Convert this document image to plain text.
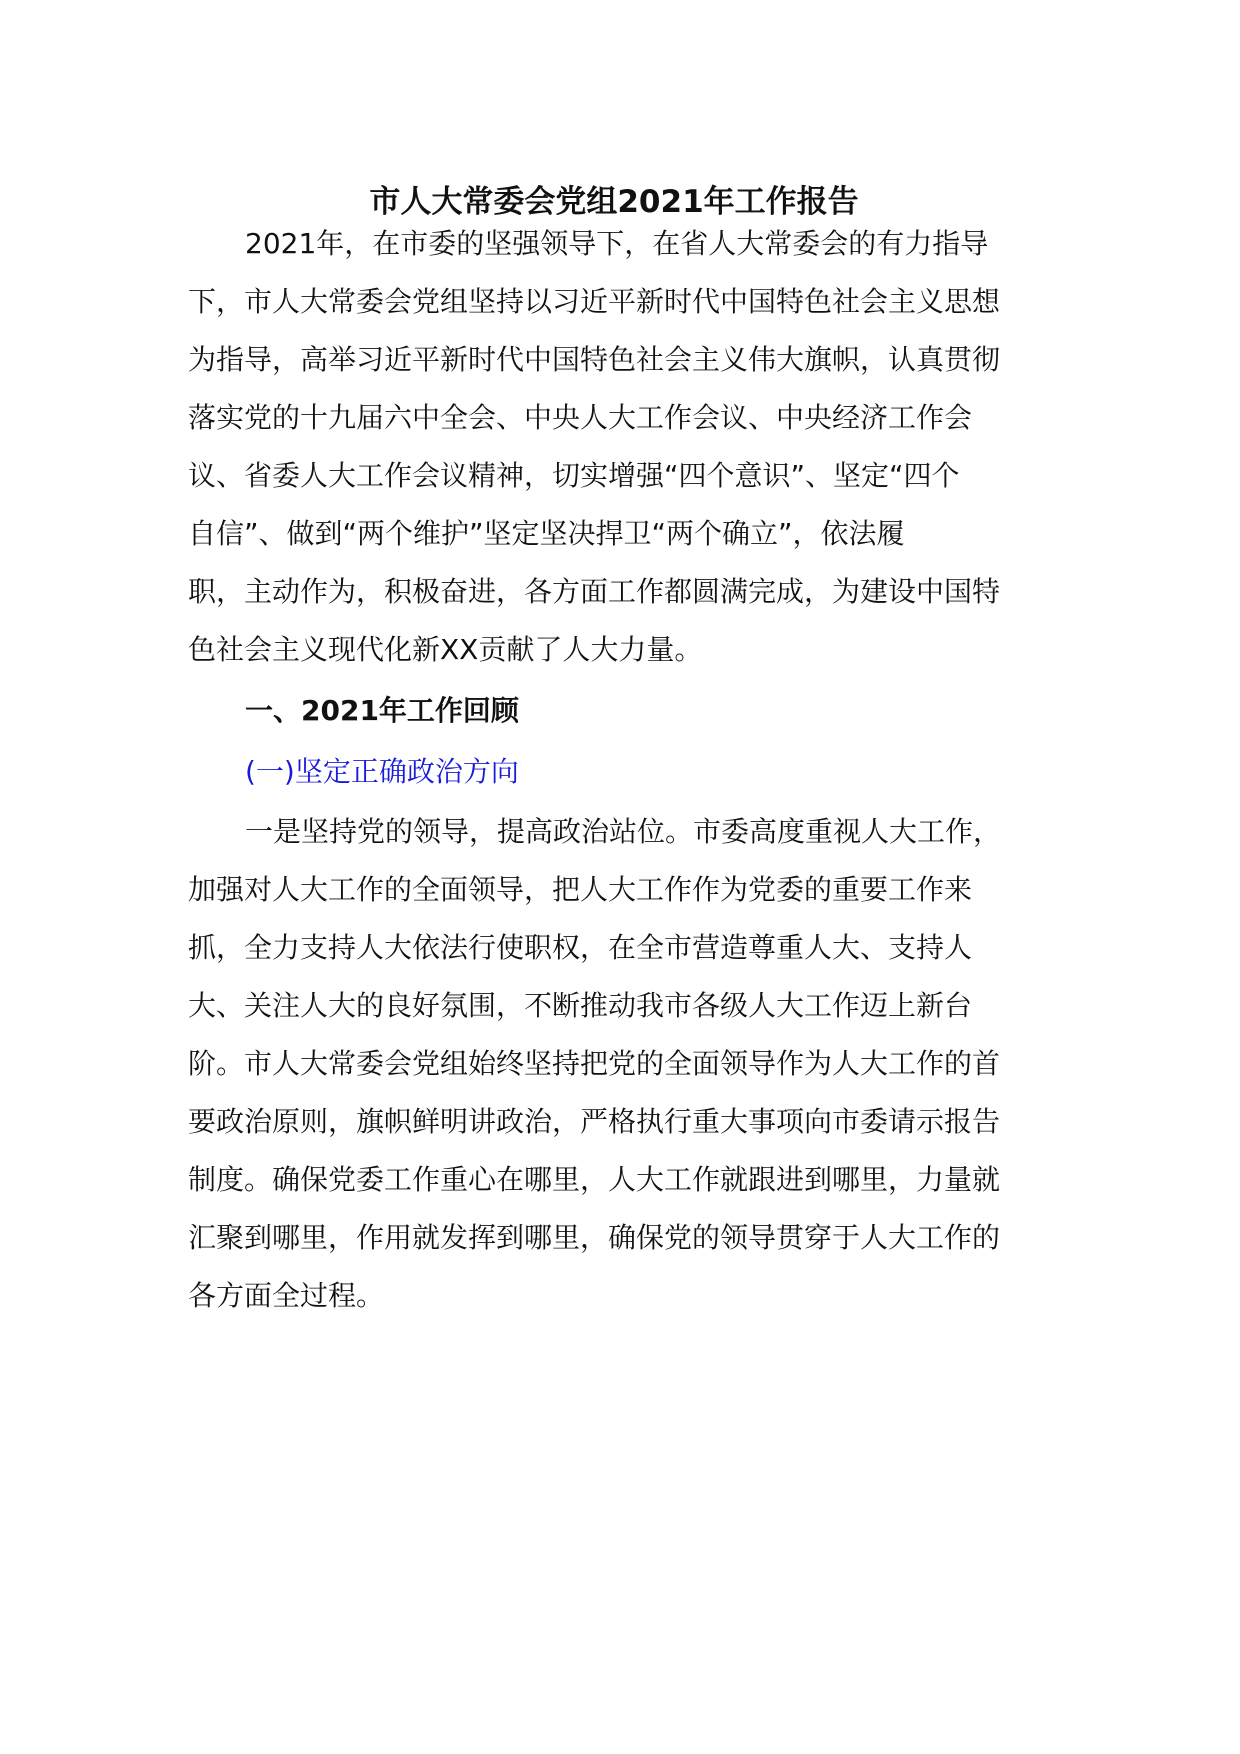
市人大常委会党组2021年工作报告

2021年，在市委的坚强领导下，在省人大常委会的有力指导

下，市人大常委会党组坚持以习近平新时代中国特色社会主义思想

为指导，高举习近平新时代中国特色社会主义伟大旗帜，认真贯彻

落实党的十九届六中全会、中央人大工作会议、中央经济工作会

议、省委人大工作会议精神，切实增强“四个意识”、坚定“四个

自信”、做到“两个维护”坚定坚决捍卫“两个确立”，依法履

职，主动作为，积极奋进，各方面工作都圆满完成，为建设中国特

色社会主义现代化新XX贡献了人大力量。

一、2021年工作回顾

(一)坚定正确政治方向

一是坚持党的领导，提高政治站位。市委高度重视人大工作，

加强对人大工作的全面领导，把人大工作作为党委的重要工作来

抓，全力支持人大依法行使职权，在全市营造尊重人大、支持人

大、关注人大的良好氛围，不断推动我市各级人大工作迈上新台

阶。市人大常委会党组始终坚持把党的全面领导作为人大工作的首

要政治原则，旗帜鲜明讲政治，严格执行重大事项向市委请示报告

制度。确保党委工作重心在哪里，人大工作就跟进到哪里，力量就

汇聚到哪里，作用就发挥到哪里，确保党的领导贯穿于人大工作的

各方面全过程。
